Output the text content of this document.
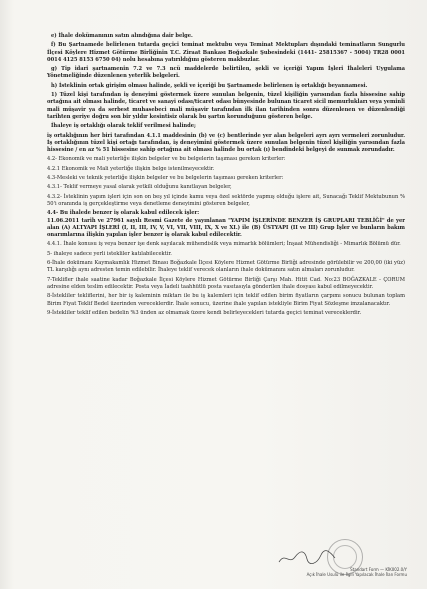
e) İhale dokümanının satın alındığına dair belge.

f) Bu Şartnamede belirlenen tutarda geçici teminat mektubu veya Teminat Mektupları dışındaki teminatların Sungurlu İlçesi Köylere Hizmet Götürme Birliğinin T.C. Ziraat Bankası Boğazkale Şubesindeki (1441- 25815367 - 5004) TR28 0001 0014 4125 8153 6750 04) nolu hesabına yatırıldığını gösteren makbuzlar.

g) Tip idari şartnamenin 7.2 ve 7.3 ncü maddelerde belirtilen, şekli ve içeriği Yapım İşleri İhaleleri Uygulama Yönetmeliğinde düzenlenen yeterlik belgeleri.

h) İsteklinin ortak girişim olması halinde, şekli ve içeriği bu Şartnamede belirlenen iş ortaklığı beyannamesi.

1) Tüzel kişi tarafından iş deneyimi göstermek üzere sunulan belgenin, tüzel kişiliğin yarısından fazla hissesine sahip ortağına ait olması halinde, ticaret ve sanayi odası/ticaret odası bünyesinde bulunan ticaret sicil memurlukları veya yeminli mali müşavir ya da serbest muhasebeci mali müşavir tarafından ilk ilan tarihinden sonra düzenlenen ve düzenlendiği tarihten geriye doğru son bir yıldır kesintisiz olarak bu şartın korunduğunu gösteren belge.

İhaleye iş ortaklığı olarak teklif verilmesi halinde;

iş ortaklığının her biri tarafından 4.1.1 maddesinin (b) ve (c) bentlerinde yer alan belgeleri ayrı ayrı vermeleri zorunludur. İş ortaklığının tüzel kişi ortağı tarafından, iş deneyimini göstermek üzere sunulan belgenin tüzel kişiliğin yarısından fazla hissesine / en az % 51 hissesine sahip ortağına ait olması halinde bu ortak (ı) bendindeki belgeyi de sunmak zorundadır.

4.2- Ekonomik ve mali yeterliğe ilişkin belgeler ve bu belgelerin taşıması gereken kriterler:

4.2.1 Ekonomik ve Mali yeterliğe ilişkin belge istenilmeyecektir.

4.3-Mesleki ve teknik yeterliğe ilişkin belgeler ve bu belgelerin taşıması gereken kriterler:

4.3.1- Teklif vermeye yasal olarak yetkili olduğunu kanıtlayan belgeler,

4.3.2- İsteklinin yapım işleri için son on beş yıl içinde kamu veya özel sektörde yapmış olduğu işlere ait, Sunacağı Teklif Mektubunun % 50'i oranında iş gerçekleştirme veya denetleme deneyimini gösteren belgeler,

4.4- Bu ihalede benzer iş olarak kabul edilecek işler:
11.06.2011 tarih ve 27961 sayılı Resmi Gazete de yayınlanan "YAPIM İŞLERİNDE BENZER İŞ GRUPLARI TEBLİĞİ" de yer alan (A) ALTYAPI İŞLERİ (I, II, III, IV, V, VI, VII, VIII, IX, X ve XI.) ile (B) ÜSTYAPI (II ve III) Grup İşler ve bunların bakım onarımlarına ilişkin yapılan işler benzer iş olarak kabul edilecektir.

4.4.1. İhale konusu iş veya benzer işe denk sayılacak mühendislik veya mimarlık bölümleri; İnşaat Mühendisliği - Mimarlık Bölümü dür.

5- ihaleye sadece yerli istekliler katılabilecektir.

6-İhale dokümanı Kaymakamlık Hizmet Binası Boğazkale İlçesi Köylere Hizmet Götürme Birliği adresinde görülebilir ve 200,00 (iki yüz) TL karşılığı aynı adresten temin edilebilir. İhaleye teklif verecek olanların ihale dokümanını satın almaları zorunludur.

7-Teklifler ihale saatine kadar Boğazkale İlçesi Köylere Hizmet Götürme Birliği Çarşı Mah. Hitit Cad. No:23 BOĞAZKALE - ÇORUM adresine elden teslim edilecektir. Posta veya İadeli taahhütlü posta vasıtasıyla gönderilen ihale dosyası kabul edilmeyecektir.

8-İstekliler tekliflerini, her bir iş kaleminin miktarı ile bu iş kalemleri için teklif edilen birim fiyatların çarpımı sonucu bulunan toplam Birim Fiyat Teklif Bedel üzerinden vereceklerdir. İhale sonucu, üzerine ihale yapılan istekliyle Birim Fiyat Sözleşme imzalanacaktır.

9-İstekliler teklif edilen bedelin %3 ünden az olmamak üzere kendi belirleyecekleri tutarda geçici teminat vereceklerdir.

Standart Form — KİK002.0/Y
Açık İhale Usulü ile İlgili Yapılacak İhale İlan Formu
